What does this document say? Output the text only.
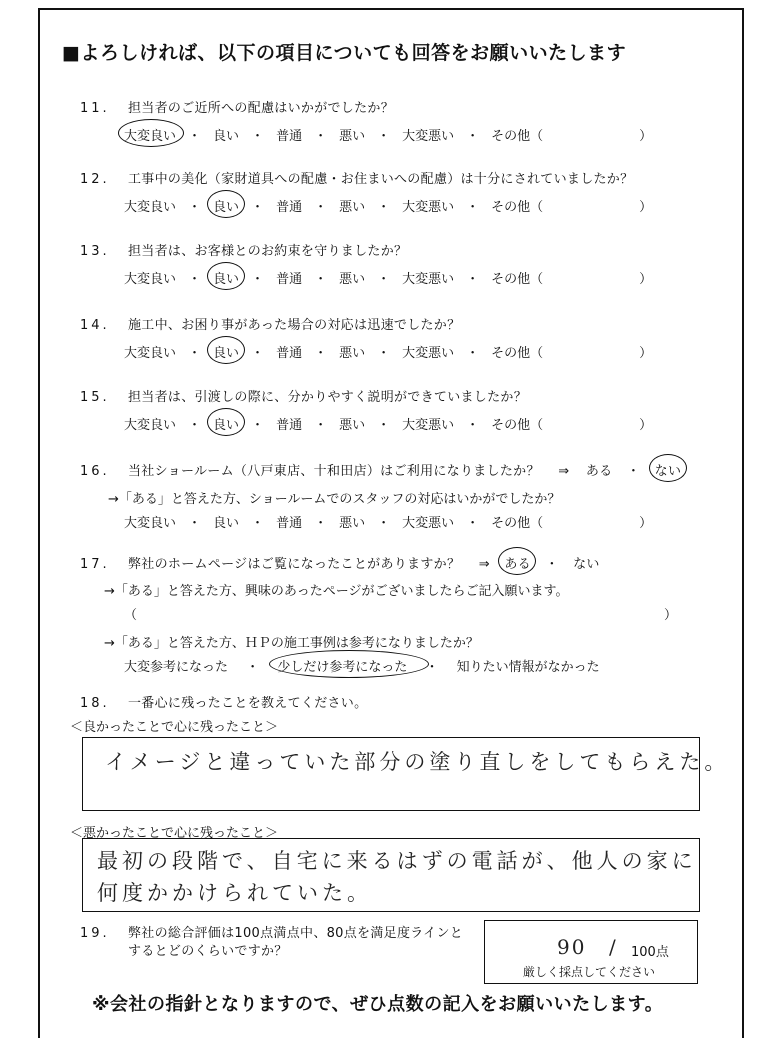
■よろしければ、以下の項目についても回答をお願いいたします
11. 担当者のご近所への配慮はいかがでしたか？
大変良い ・ 良い ・ 普通 ・ 悪い ・ 大変悪い ・ その他（	）
12. 工事中の美化（家財道具への配慮・お住まいへの配慮）は十分にされていましたか？
大変良い ・ 良い ・ 普通 ・ 悪い ・ 大変悪い ・ その他（	）
13. 担当者は、お客様とのお約束を守りましたか？
大変良い ・ 良い ・ 普通 ・ 悪い ・ 大変悪い ・ その他（	）
14. 施工中、お困り事があった場合の対応は迅速でしたか？
大変良い ・ 良い ・ 普通 ・ 悪い ・ 大変悪い ・ その他（	）
15. 担当者は、引渡しの際に、分かりやすく説明ができていましたか？
大変良い ・ 良い ・ 普通 ・ 悪い ・ 大変悪い ・ その他（	）
16. 当社ショールーム（八戸東店、十和田店）はご利用になりましたか？ ⇒ ある ・ ない
→「ある」と答えた方、ショールームでのスタッフの対応はいかがでしたか？
大変良い ・ 良い ・ 普通 ・ 悪い ・ 大変悪い ・ その他（	）
17. 弊社のホームページはご覧になったことがありますか？ ⇒ ある ・ ない
→「ある」と答えた方、興味のあったページがございましたらご記入願います。
（	）
→「ある」と答えた方、ＨＰの施工事例は参考になりましたか？
大変参考になった ・ 少しだけ参考になった ・ 知りたい情報がなかった
18. 一番心に残ったことを教えてください。
＜良かったことで心に残ったこと＞
イメージと違っていた部分の塗り直しをしてもらえた。
＜悪かったことで心に残ったこと＞
最初の段階で、自宅に来るはずの電話が、他人の家に
何度かかけられていた。
19. 弊社の総合評価は100点満点中、80点を満足度ラインと
するとどのくらいですか？	90 / 100点
厳しく採点してください
※会社の指針となりますので、ぜひ点数の記入をお願いいたします。
